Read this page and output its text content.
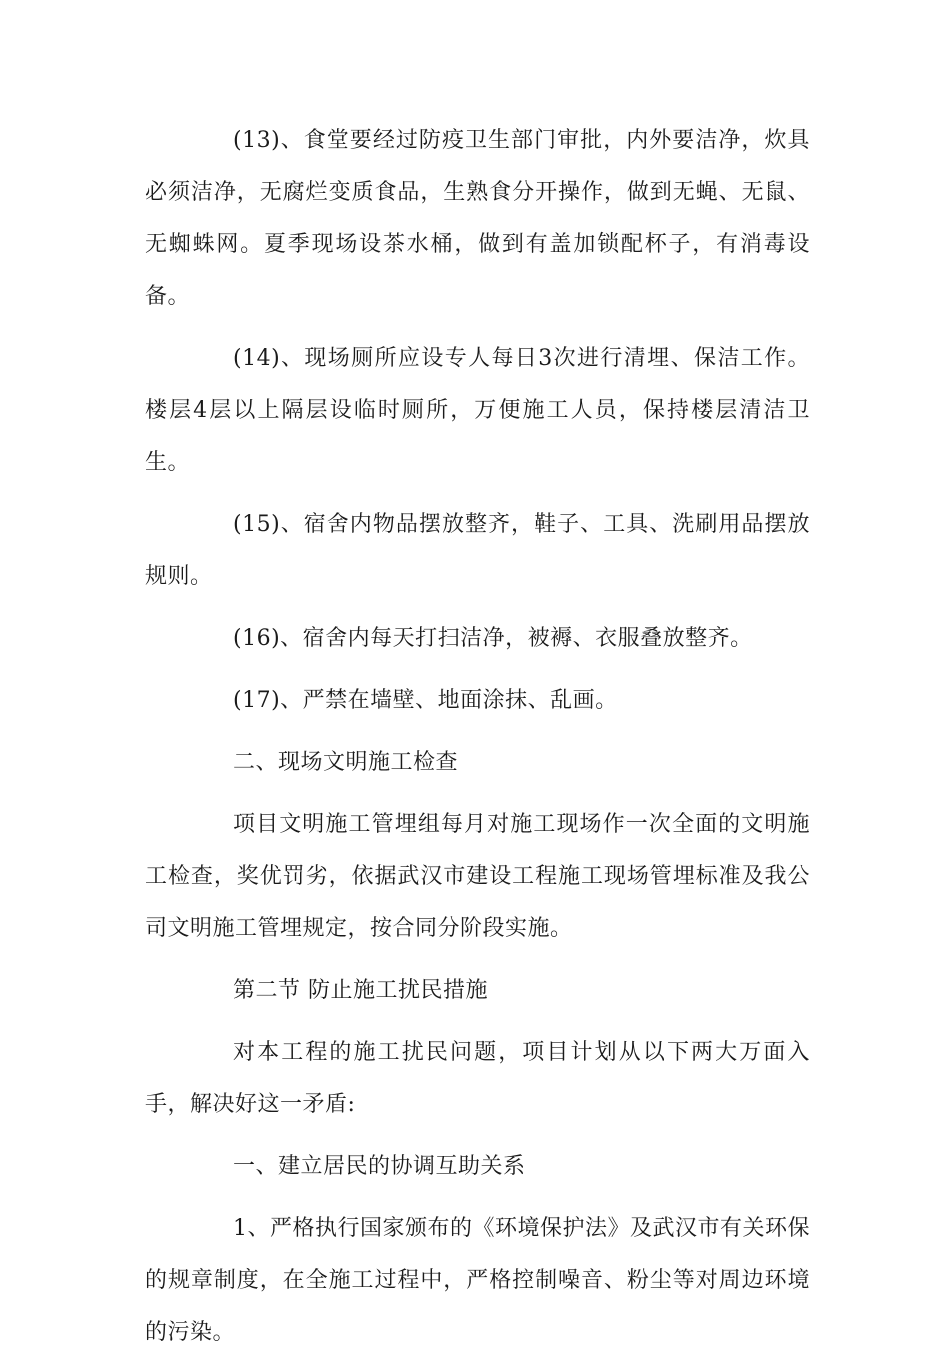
(13)、食堂要经过防疫卫生部门审批，内外要洁净，炊具必须洁净，无腐烂变质食品，生熟食分开操作，做到无蝇、无鼠、无蜘蛛网。夏季现场设茶水桶，做到有盖加锁配杯子，有消毒设备。

(14)、现场厕所应设专人每日3次进行清埋、保洁工作。楼层4层以上隔层设临时厕所，万便施工人员，保持楼层清洁卫生。

(15)、宿舍内物品摆放整齐，鞋子、工具、洗刷用品摆放规则。

(16)、宿舍内每天打扫洁净，被褥、衣服叠放整齐。

(17)、严禁在墙壁、地面涂抹、乱画。

二、现场文明施工检查

项目文明施工管埋组每月对施工现场作一次全面的文明施工检查，奖优罚劣，依据武汉市建设工程施工现场管埋标准及我公司文明施工管埋规定，按合同分阶段实施。

第二节 防止施工扰民措施

对本工程的施工扰民问题，项目计划从以下两大万面入手，解决好这一矛盾:

一、建立居民的协调互助关系

1、严格执行国家颁布的《环境保护法》及武汉市有关环保的规章制度，在全施工过程中，严格控制噪音、粉尘等对周边环境的污染。
